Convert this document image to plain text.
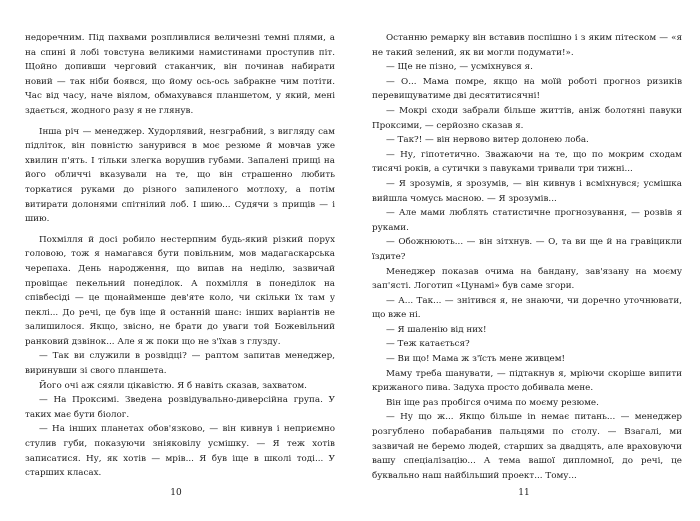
недоречним. Під пахвами розпливлися величезні темні плями, а на спині й лобі товстуна великими намистинами проступив піт. Щойно допивши черговий стаканчик, він починав набирати новий — так ніби боявся, що йому ось-ось забракне чим потіти. Час від часу, наче віялом, обмахувався планшетом, у який, мені здається, жодного разу я не глянув.

Інша річ — менеджер. Худорлявий, незграбний, з вигляду сам підліток, він повністю занурився в моє резюме й мовчав уже хвилин п'ять. І тільки злегка ворушив губами. Запалені прищі на його обличчі вказували на те, що він страшенно любить торкатися руками до різного запиленого мотлоху, а потім витирати долонями спітнілий лоб. І шию... Судячи з прищів — і шию.

Похмілля й досі робило нестерпним будь-який різкий порух головою, тож я намагався бути повільним, мов мадагаскарська черепаха. День народження, що випав на неділю, зазвичай провіщає пекельний понеділок. А похмілля в понеділок на співбесіді — це щонайменше дев'яте коло, чи скільки їх там у пеклі... До речі, це був іще й останній шанс: інших варіантів не залишилося. Якщо, звісно, не брати до уваги той Божевільний ранковий дзвінок... Але я ж поки що не з'їхав з глузду.

— Так ви служили в розвідці? — раптом запитав менеджер, виринувши зі свого планшета.

Його очі аж сяяли цікавістю. Я б навіть сказав, захватом.

— На Проксимі. Зведена розвідувально-диверсійна група. У таких має бути біолог.

— На інших планетах обов'язково, — він кивнув і неприємно стулив губи, показуючи зніяковілу усмішку. — Я теж хотів записатися. Ну, як хотів — мрів... Я був іще в школі тоді... У старших класах.

10

Останню ремарку він вставив поспішно і з яким пітеском — «я не такий зелений, як ви могли подумати!».

— Ще не пізно, — усміхнувся я.

— О... Мама помре, якщо на моїй роботі прогноз ризиків перевищуватиме дві десятитисячні!

— Мокрі сходи забрали більше життів, аніж болотяні павуки Проксими, — серйозно сказав я.

— Так?! — він нервово витер долонею лоба.

— Ну, гіпотетично. Зважаючи на те, що по мокрим сходам тисячі років, а сутички з павуками тривали три тижні...

— Я зрозумів, я зрозумів, — він кивнув і всміхнувся; усмішка вийшла чомусь масною. — Я зрозумів...

— Але мами люблять статистичне прогнозування, — розвів я руками.

— Обожнюють... — він зітхнув. — О, та ви ще й на гравіцикли їздите?

Менеджер показав очима на бандану, зав'язану на моєму зап'ясті. Логотип «Цунамі» був саме згори.

— А... Так... — знітився я, не знаючи, чи доречно уточнювати, що вже ні.

— Я шаленію від них!

— Теж катається?

— Ви що! Мама ж з'їсть мене живцем!

Маму треба шанувати, — підтакнув я, мріючи скоріше випити крижаного пива. Задуха просто добивала мене.

Він іще раз пробігся очима по моєму резюме.

— Ну що ж... Якщо більше in немає питань... — менеджер розгублено побарабанив пальцями по столу. — Взагалі, ми зазвичай не беремо людей, старших за двадцять, але враховуючи вашу спеціалізацію... А тема вашої дипломної, до речі, це буквально наш найбільший проект... Тому...

11
